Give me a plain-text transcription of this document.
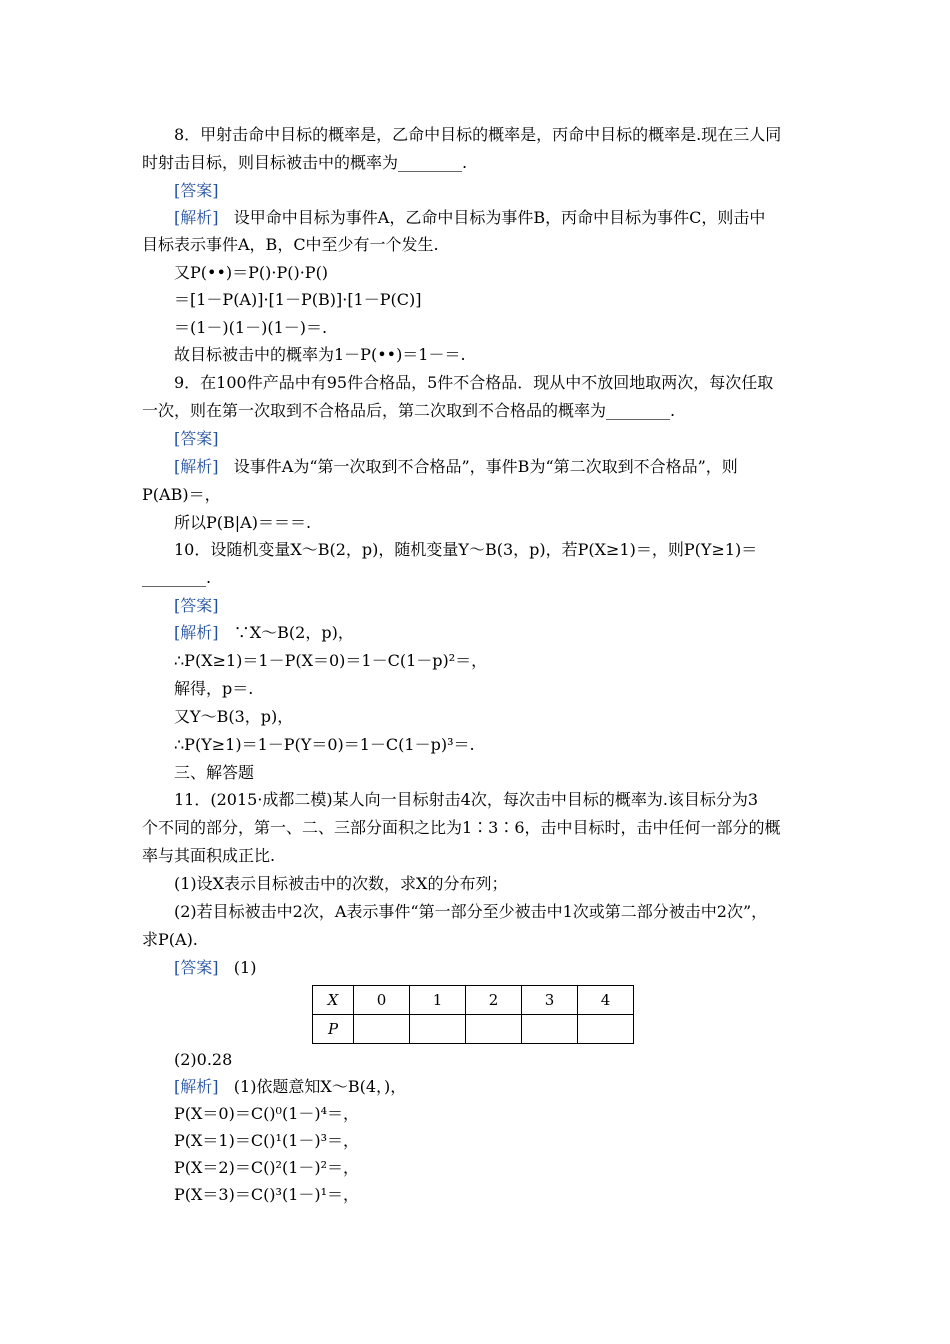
8．甲射击命中目标的概率是，乙命中目标的概率是，丙命中目标的概率是.现在三人同
时射击目标，则目标被击中的概率为________.
[答案]
[解析] 设甲命中目标为事件A，乙命中目标为事件B，丙命中目标为事件C，则击中
目标表示事件A，B，C中至少有一个发生.
又P(••)＝P()·P()·P()
＝[1－P(A)]·[1－P(B)]·[1－P(C)]
＝(1－)(1－)(1－)＝.
故目标被击中的概率为1－P(••)＝1－＝.
9．在100件产品中有95件合格品，5件不合格品．现从中不放回地取两次，每次任取
一次，则在第一次取到不合格品后，第二次取到不合格品的概率为________.
[答案]
[解析] 设事件A为“第一次取到不合格品”，事件B为“第二次取到不合格品”，则
P(AB)＝，
所以P(B|A)＝＝＝.
10．设随机变量X～B(2，p)，随机变量Y～B(3，p)，若P(X≥1)＝，则P(Y≥1)＝
________.
[答案]
[解析] ∵X～B(2，p)，
∴P(X≥1)＝1－P(X＝0)＝1－C(1－p)²＝，
解得，p＝.
又Y～B(3，p)，
∴P(Y≥1)＝1－P(Y＝0)＝1－C(1－p)³＝.
三、解答题
11．(2015·成都二模)某人向一目标射击4次，每次击中目标的概率为.该目标分为3
个不同的部分，第一、二、三部分面积之比为1∶3∶6，击中目标时，击中任何一部分的概
率与其面积成正比.
(1)设X表示目标被击中的次数，求X的分布列；
(2)若目标被击中2次，A表示事件“第一部分至少被击中1次或第二部分被击中2次”，
求P(A).
[答案] (1)
X	0	1	2	3	4
P					
(2)0.28
[解析] (1)依题意知X～B(4，)，
P(X＝0)＝C()⁰(1－)⁴＝，
P(X＝1)＝C()¹(1－)³＝，
P(X＝2)＝C()²(1－)²＝，
P(X＝3)＝C()³(1－)¹＝，
